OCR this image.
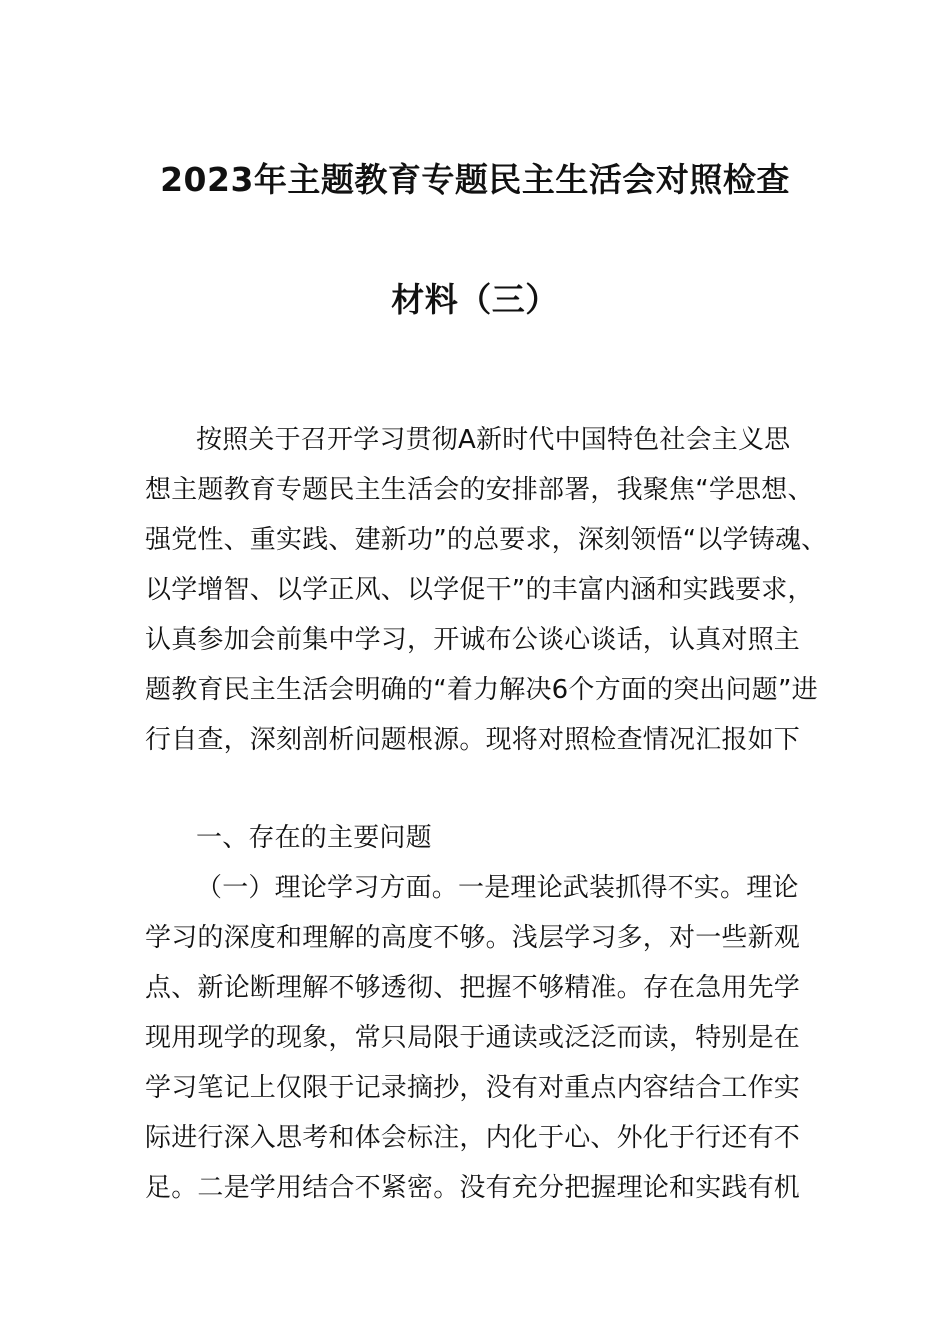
2023年主题教育专题民主生活会对照检查
材料（三）
按照关于召开学习贯彻A新时代中国特色社会主义思
想主题教育专题民主生活会的安排部署，我聚焦“学思想、
强党性、重实践、建新功”的总要求，深刻领悟“以学铸魂、
以学增智、以学正风、以学促干”的丰富内涵和实践要求，
认真参加会前集中学习，开诚布公谈心谈话，认真对照主
题教育民主生活会明确的“着力解决6个方面的突出问题”进
行自查，深刻剖析问题根源。现将对照检查情况汇报如下
一、存在的主要问题
（一）理论学习方面。一是理论武装抓得不实。理论
学习的深度和理解的高度不够。浅层学习多，对一些新观
点、新论断理解不够透彻、把握不够精准。存在急用先学
现用现学的现象，常只局限于通读或泛泛而读，特别是在
学习笔记上仅限于记录摘抄，没有对重点内容结合工作实
际进行深入思考和体会标注，内化于心、外化于行还有不
足。二是学用结合不紧密。没有充分把握理论和实践有机
